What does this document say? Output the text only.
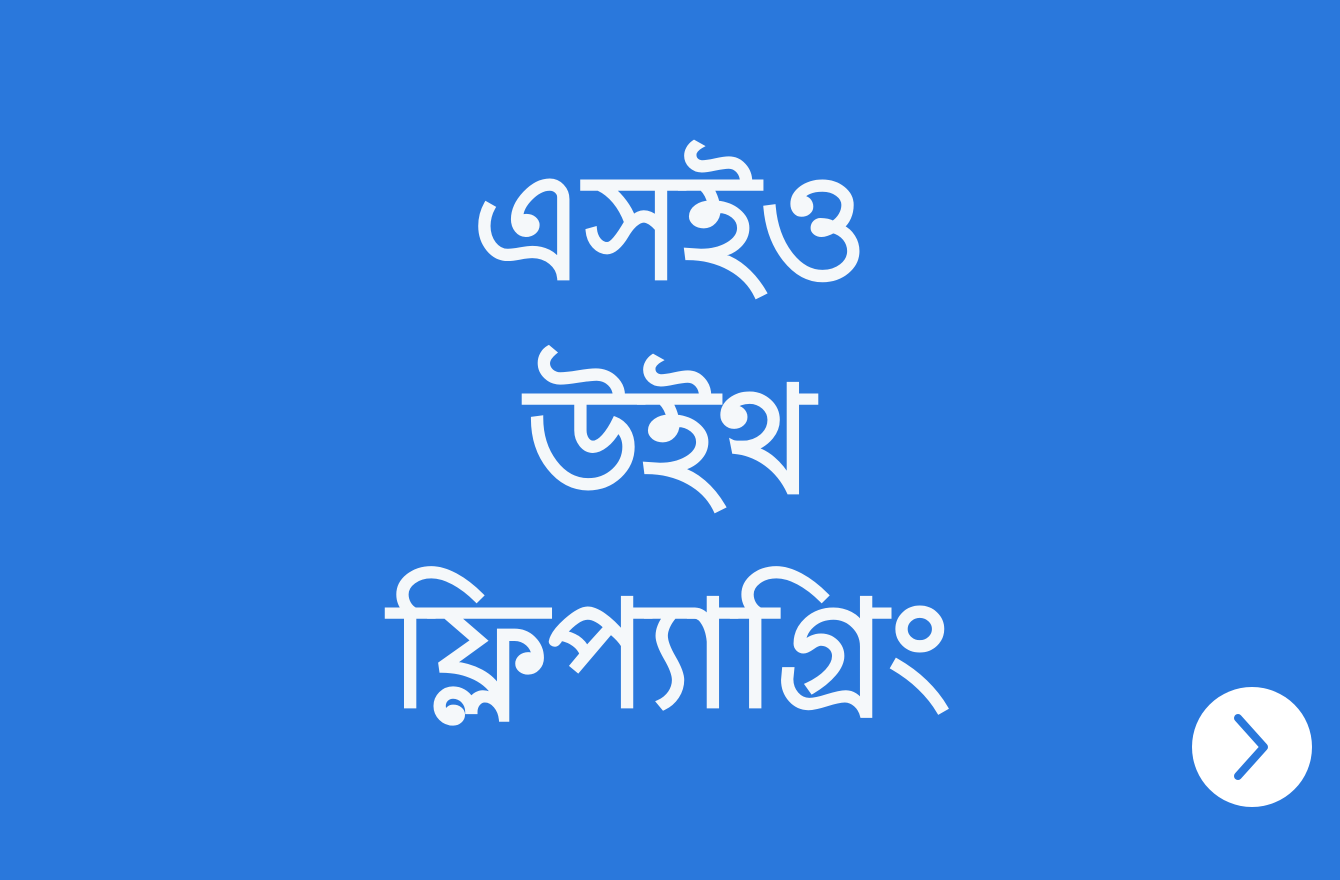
এসইও
উইথ
ফ্লিপ্যাগ্রিং
